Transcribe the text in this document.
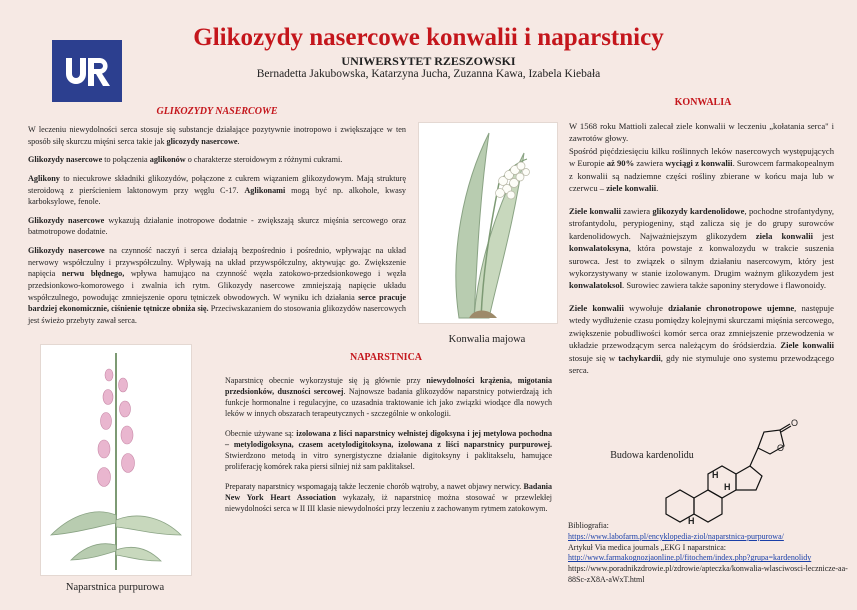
Glikozydy nasercowe konwalii i naparstnicy
UNIWERSYTET RZESZOWSKI
Bernadetta Jakubowska, Katarzyna Jucha, Zuzanna Kawa, Izabela Kiebała
GLIKOZYDY NASERCOWE

W leczeniu niewydolności serca stosuje się substancje działające pozytywnie inotropowo i zwiększające w ten sposób siłę skurczu mięśni serca takie jak glicozydy nasercowe.

Glikozydy nasercowe to połączenia aglikonów o charakterze steroidowym z różnymi cukrami.

Aglikony to niecukrowe składniki glikozydów, połączone z cukrem wiązaniem glikozydowym. Mają strukturę steroidową z pierścieniem laktonowym przy węglu C-17. Aglikonami mogą być np. alkohole, kwasy karboksylowe, fenole.

Glikozydy nasercowe wykazują działanie inotropowe dodatnie - zwiększają skurcz mięśnia sercowego oraz batmotropowe dodatnie.

Glikozydy nasercowe na czynność naczyń i serca działają bezpośrednio i pośrednio, wpływając na układ nerwowy współczulny i przywspółczulny. Wpływają na układ przywspółczulny, aktywując go. Zwiększenie napięcia nerwu błędnego, wpływa hamująco na czynność węzła zatokowo-przedsionkowego i węzła przedsionkowo-komorowego i zwalnia ich rytm. Glikozydy nasercowe zmniejszają napięcie układu współczulnego, powodując zmniejszenie oporu tętniczek obwodowych. W wyniku ich działania serce pracuje bardziej ekonomicznie, ciśnienie tętnicze obniża się. Przeciwskazaniem do stosowania glikozydów nasercowych jest świeżo przebyty zawał serca.

Konwalia majowa
Naparstnica purpurowa
NAPARSTNICA

Naparstnicę obecnie wykorzystuje się ją głównie przy niewydolności krążenia, migotania przedsionków, duszności sercowej. Najnowsze badania glikozydów naparstnicy potwierdzają ich funkcje hormonalne i regulacyjne, co uzasadnia traktowanie ich jako związki wiodące dla nowych leków w innych obszarach terapeutycznych - szczególnie w onkologii.

Obecnie używane są: izolowana z liści naparstnicy wełnistej digoksyna i jej metylowa pochodna – metylodigoksyna, czasem acetylodigitoksyna, izolowana z liści naparstnicy purpurowej. Stwierdzono metodą in vitro synergistyczne działanie digitoksyny i paklitakselu, hamujące proliferację komórek raka piersi silniej niż sam paklitaksel.

Preparaty naparstnicy wspomagają także leczenie chorób wątroby, a nawet objawy nerwicy. Badania New York Heart Association wykazały, iż naparstnicę można stosować w przewlekłej niewydolności serca w II III klasie niewydolności przy leczeniu z zachowanym rytmem zatokowym.

KONWALIA

W 1568 roku Mattioli zalecał ziele konwalii w leczeniu „kołatania serca" i zawrotów głowy.
Spośród pięćdziesięciu kilku roślinnych leków nasercowych występujących w Europie aż 90% zawiera wyciągi z konwalii. Surowcem farmakopealnym z konwalii są nadziemne części rośliny zbierane w końcu maja lub w czerwcu – ziele konwalii.

Ziele konwalii zawiera glikozydy kardenolidowe, pochodne strofantydyny, strofantydolu, perypiogeniny, stąd zalicza się je do grupy surowców kardenolidowych. Najważniejszym glikozydem ziela konwalii jest konwalatoksyna, która powstaje z konwalozydu w trakcie suszenia surowca. Jest to związek o silnym działaniu nasercowym, który jest wykorzystywany w stanie izolowanym. Drugim ważnym glikozydem jest konwalatoksol. Surowiec zawiera także saponiny sterydowe i flawonoidy.

Ziele konwalii wywołuje działanie chronotropowe ujemne, następuje wtedy wydłużenie czasu pomiędzy kolejnymi skurczami mięśnia sercowego, zwiększenie pobudliwości komór serca oraz zmniejszenie przewodzenia w układzie przewodzącym serca należącym do śródsierdzia. Ziele konwalii stosuje się w tachykardii, gdy nie stymuluje ono systemu przewodzącego serca.

Budowa kardenolidu
H
H
H
O
O
Bibliografia:
https://www.labofarm.pl/encyklopedia-ziol/naparstnica-purpurowa/
Artykuł Via medica journals „EKG I naparstnica:
http://www.farmakognozjaonline.pl/fitochem/index.php?grupa=kardenolidy
https://www.poradnikzdrowie.pl/zdrowie/apteczka/konwalia-wlasciwosci-lecznicze-aa-88Sc-zX8A-aWxT.html
